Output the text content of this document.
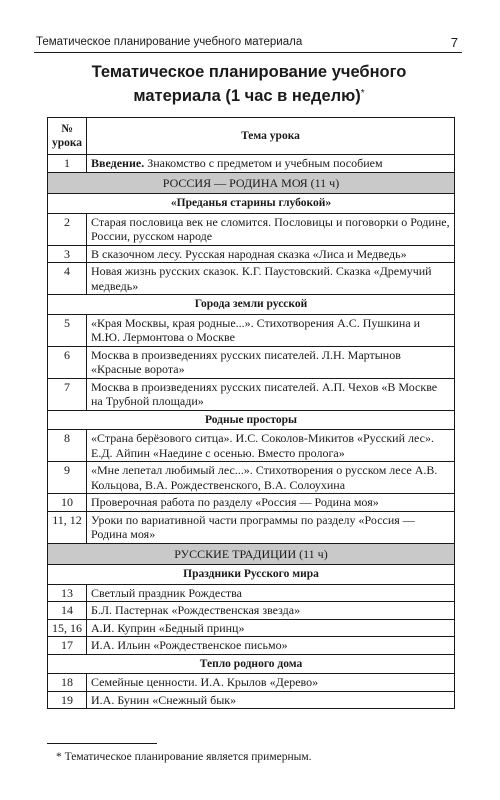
Тематическое планирование учебного материала	7
Тематическое планирование учебного
материала (1 час в неделю)*
№ урока	Тема урока
1	Введение. Знакомство с предметом и учебным пособием
РОССИЯ — РОДИНА МОЯ (11 ч)	
«Преданья старины глубокой»	
2	Старая пословица век не сломится. Пословицы и поговорки о Родине, России, русском народе
3	В сказочном лесу. Русская народная сказка «Лиса и Медведь»
4	Новая жизнь русских сказок. К.Г. Паустовский. Сказка «Дремучий медведь»
Города земли русской	
5	«Края Москвы, края родные...». Стихотворения А.С. Пушкина и М.Ю. Лермонтова о Москве
6	Москва в произведениях русских писателей. Л.Н. Мартынов «Красные ворота»
7	Москва в произведениях русских писателей. А.П. Чехов «В Москве на Трубной площади»
Родные просторы	
8	«Страна берёзового ситца». И.С. Соколов-Микитов «Русский лес». Е.Д. Айпин «Наедине с осенью. Вместо пролога»
9	«Мне лепетал любимый лес...». Стихотворения о русском лесе А.В. Кольцова, В.А. Рождественского, В.А. Солоухина
10	Проверочная работа по разделу «Россия — Родина моя»
11, 12	Уроки по вариативной части программы по разделу «Россия — Родина моя»
РУССКИЕ ТРАДИЦИИ (11 ч)	
Праздники Русского мира	
13	Светлый праздник Рождества
14	Б.Л. Пастернак «Рождественская звезда»
15, 16	А.И. Куприн «Бедный принц»
17	И.А. Ильин «Рождественское письмо»
Тепло родного дома	
18	Семейные ценности. И.А. Крылов «Дерево»
19	И.А. Бунин «Снежный бык»
* Тематическое планирование является примерным.
